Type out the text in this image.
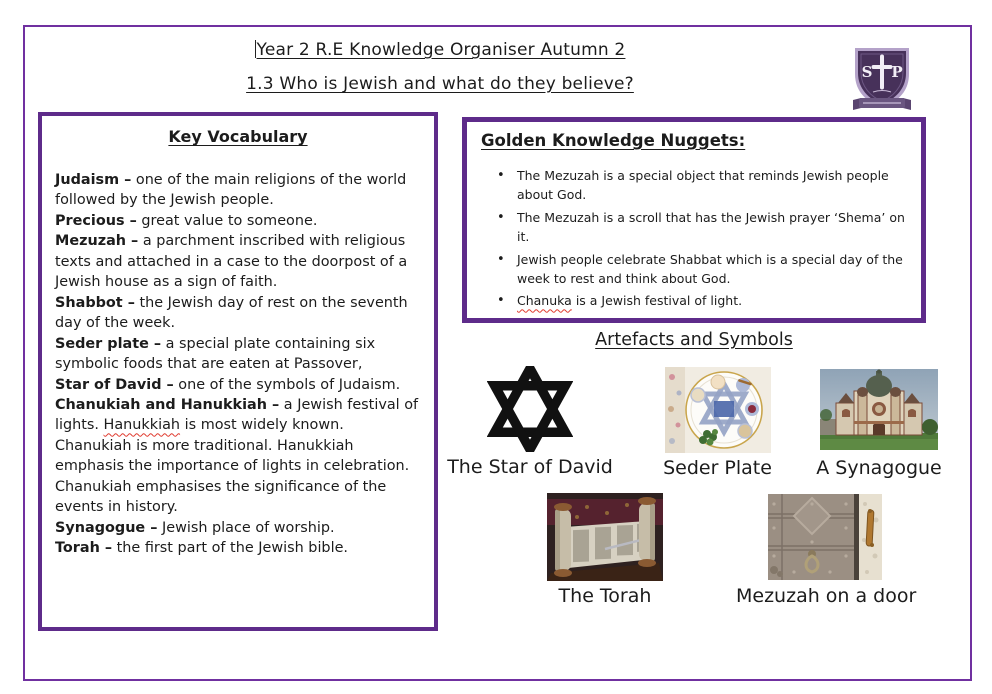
Year 2 R.E Knowledge Organiser Autumn 2
1.3 Who is Jewish and what do they believe?
S P
Key Vocabulary
Judaism – one of the main religions of the world followed by the Jewish people.
Precious – great value to someone.
Mezuzah – a parchment inscribed with religious texts and attached in a case to the doorpost of a Jewish house as a sign of faith.
Shabbot – the Jewish day of rest on the seventh day of the week.
Seder plate – a special plate containing six symbolic foods that are eaten at Passover,
Star of David – one of the symbols of Judaism.
Chanukiah and Hanukkiah – a Jewish festival of lights. Hanukkiah is most widely known. Chanukiah is more traditional. Hanukkiah emphasis the importance of lights in celebration. Chanukiah emphasises the significance of the events in history.
Synagogue – Jewish place of worship.
Torah – the first part of the Jewish bible.
Golden Knowledge Nuggets:
• The Mezuzah is a special object that reminds Jewish people about God.
• The Mezuzah is a scroll that has the Jewish prayer ‘Shema’ on it.
• Jewish people celebrate Shabbat which is a special day of the week to rest and think about God.
• Chanuka is a Jewish festival of light.
Artefacts and Symbols
The Star of David	Seder Plate	A Synagogue
The Torah	Mezuzah on a door
